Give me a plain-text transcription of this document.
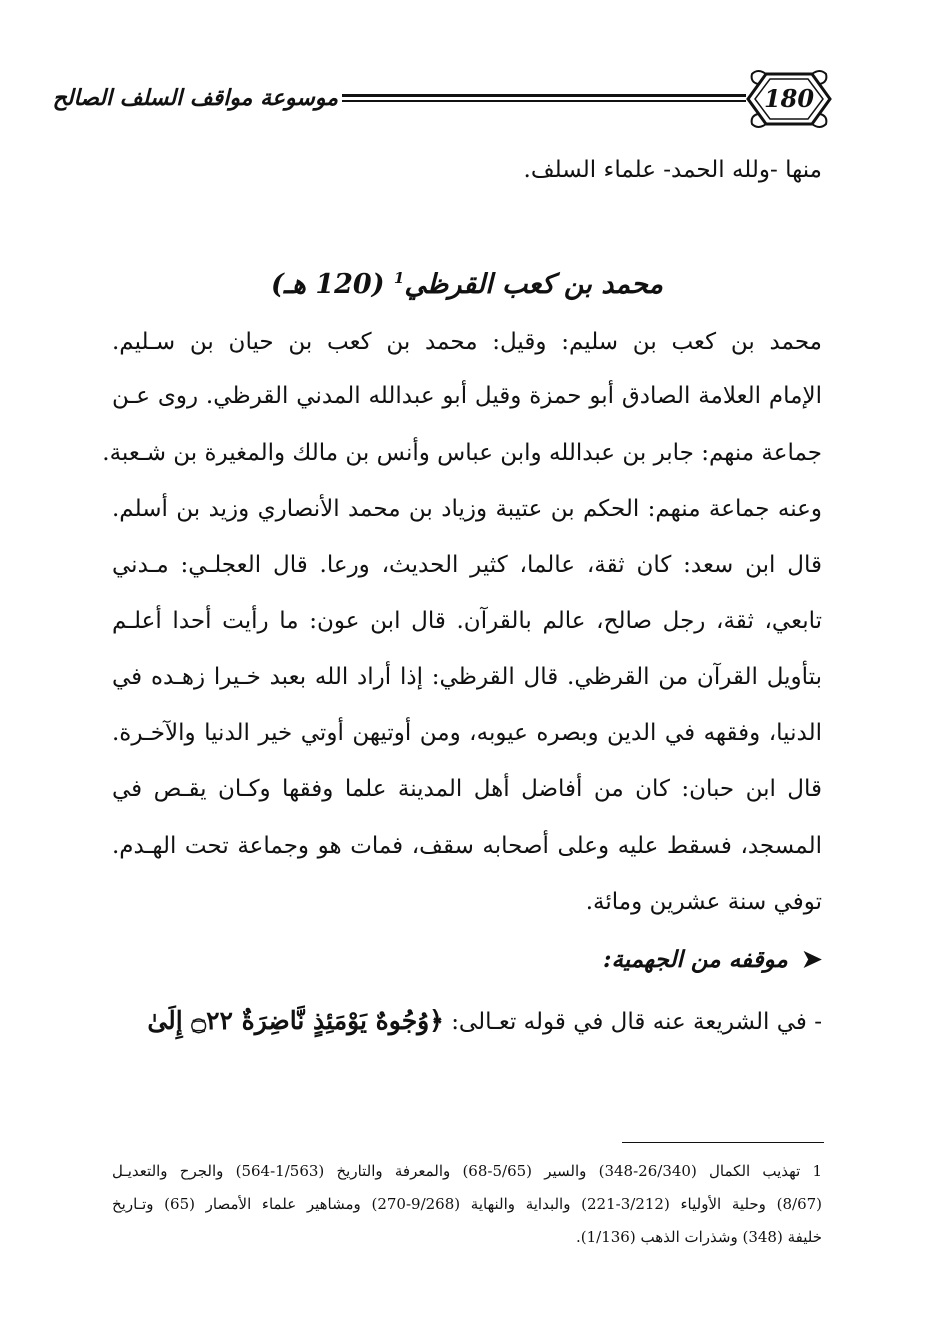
موسوعة مواقف السلف الصالح	180
منها -ولله الحمد- علماء السلف.
محمد بن كعب القرظي$^1$ (120 هـ)
محمد بن كعب بن سليم: وقيل: محمد بن كعب بن حيان بن سـليم.
الإمام العلامة الصادق أبو حمزة وقيل أبو عبدالله المدني القرظي. روى عـن
جماعة منهم: جابر بن عبدالله وابن عباس وأنس بن مالك والمغيرة بن شـعبة.
وعنه جماعة منهم: الحكم بن عتيبة وزياد بن محمد الأنصاري وزيد بن أسلم.
قال ابن سعد: كان ثقة، عالما، كثير الحديث، ورعا. قال العجلـي: مـدني
تابعي، ثقة، رجل صالح، عالم بالقرآن. قال ابن عون: ما رأيت أحدا أعلـم
بتأويل القرآن من القرظي. قال القرظي: إذا أراد الله بعبد خـيرا زهـده في
الدنيا، وفقهه في الدين وبصره عيوبه، ومن أوتيهن أوتي خير الدنيا والآخـرة.
قال ابن حبان: كان من أفاضل أهل المدينة علما وفقها وكـان يقـص في
المسجد، فسقط عليه وعلى أصحابه سقف، فمات هو وجماعة تحت الهـدم.
توفي سنة عشرين ومائة.
➤موقفه من الجهمية:
- في الشريعة عنه قال في قوله تعـالى: ﴿وُجُوهٌ يَوْمَئِذٍ نَّاضِرَةٌ ۝٢٢ إِلَىٰ
1 تهذيب الكمال (26/340-348) والسير (5/65-68) والمعرفة والتاريخ (1/563-564) والجرح والتعديـل
(8/67) وحلية الأولياء (3/212-221) والبداية والنهاية (9/268-270) ومشاهير علماء الأمصار (65) وتـاريخ
خليفة (348) وشذرات الذهب (1/136).
